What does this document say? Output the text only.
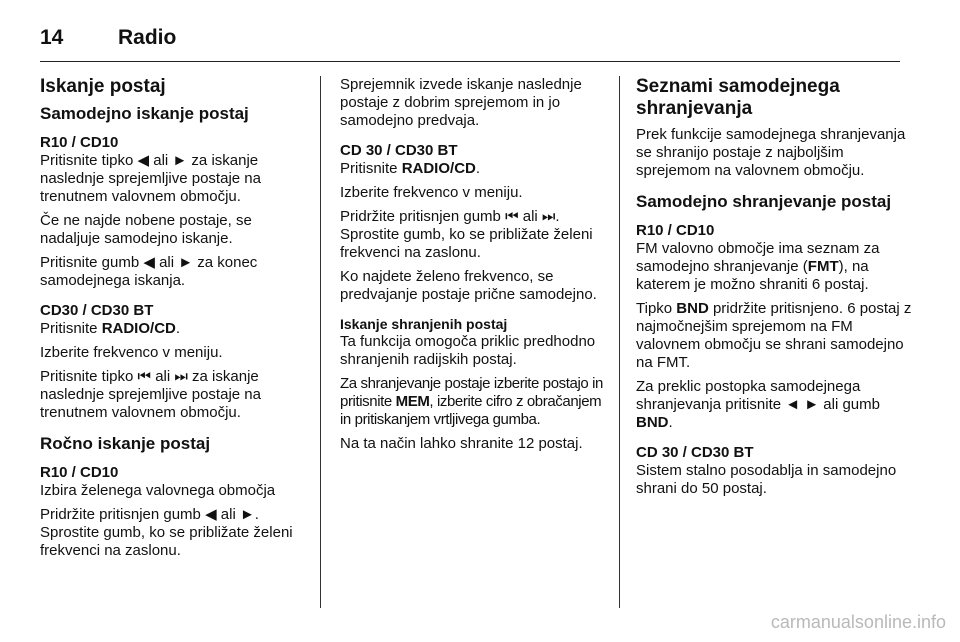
14	Radio
Iskanje postaj
Samodejno iskanje postaj
R10 / CD10

Pritisnite tipko ◀ ali ► za iskanje naslednje sprejemljive postaje na trenutnem valovnem območju.

Če ne najde nobene postaje, se nadaljuje samodejno iskanje.

Pritisnite gumb ◀ ali ► za konec samodejnega iskanja.

CD30 / CD30 BT

Pritisnite RADIO/CD.

Izberite frekvenco v meniju.

Pritisnite tipko ⏮ ali ⏭ za iskanje naslednje sprejemljive postaje na trenutnem valovnem območju.

Ročno iskanje postaj
R10 / CD10

Izbira želenega valovnega območja

Pridržite pritisnjen gumb ◀ ali ►. Sprostite gumb, ko se približate želeni frekvenci na zaslonu.

Sprejemnik izvede iskanje naslednje postaje z dobrim sprejemom in jo samodejno predvaja.

CD 30 / CD30 BT

Pritisnite RADIO/CD.

Izberite frekvenco v meniju.

Pridržite pritisnjen gumb ⏮ ali ⏭. Sprostite gumb, ko se približate želeni frekvenci na zaslonu.

Ko najdete želeno frekvenco, se predvajanje postaje prične samodejno.

Iskanje shranjenih postaj

Ta funkcija omogoča priklic predhodno shranjenih radijskih postaj.

Za shranjevanje postaje izberite postajo in pritisnite MEM, izberite cifro z obračanjem in pritiskanjem vrtljivega gumba.

Na ta način lahko shranite 12 postaj.

Seznami samodejnega shranjevanja

Prek funkcije samodejnega shranjevanja se shranijo postaje z najboljšim sprejemom na valovnem območju.

Samodejno shranjevanje postaj
R10 / CD10

FM valovno območje ima seznam za samodejno shranjevanje (FMT), na katerem je možno shraniti 6 postaj.

Tipko BND pridržite pritisnjeno. 6 postaj z najmočnejšim sprejemom na FM valovnem območju se shrani samodejno na FMT.

Za preklic postopka samodejnega shranjevanja pritisnite ◄ ► ali gumb BND.

CD 30 / CD30 BT

Sistem stalno posodablja in samodejno shrani do 50 postaj.

carmanualsonline.info
